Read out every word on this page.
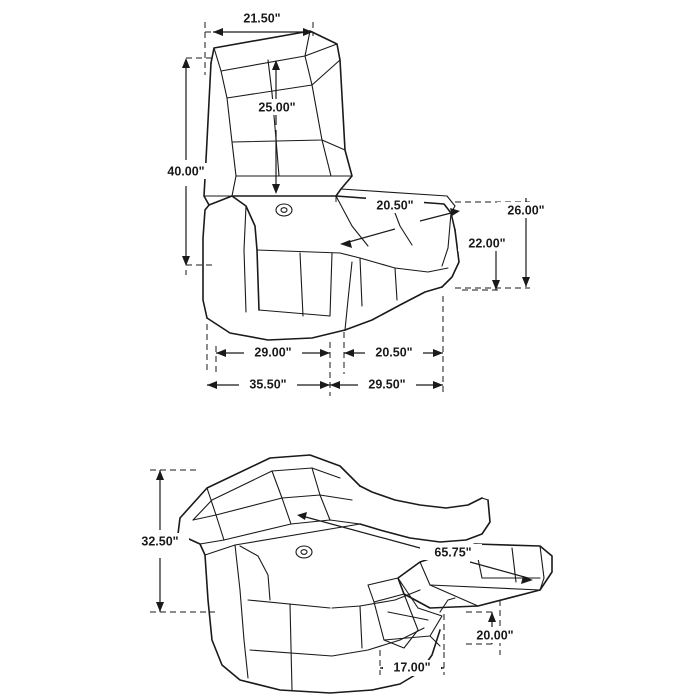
21.50"
25.00"
40.00"
20.50"	26.00"
22.00"
29.00"	20.50"
35.50"	29.50"
32.50"
65.75"
20.00"
17.00"
